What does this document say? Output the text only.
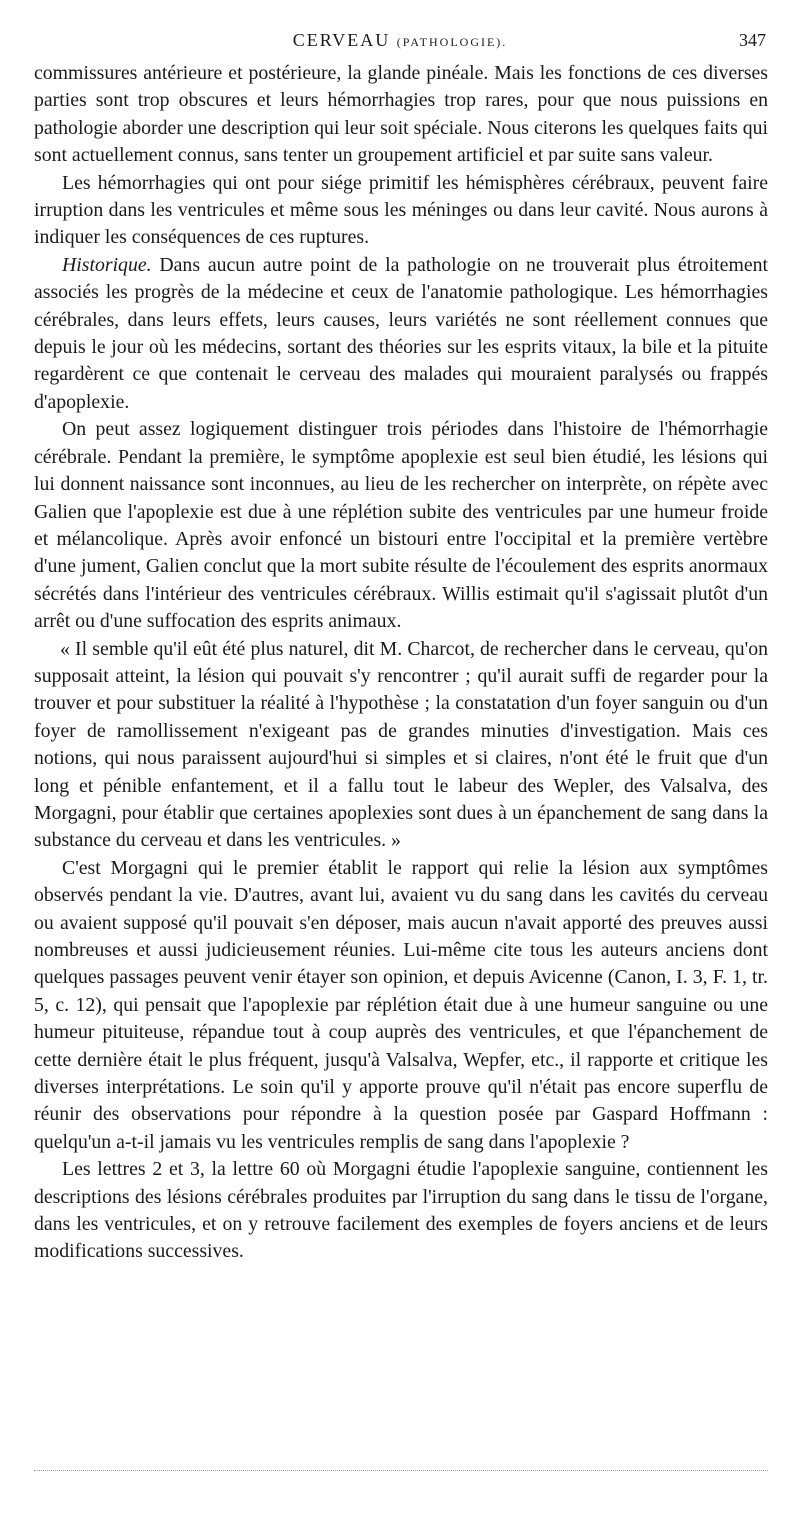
CERVEAU (PATHOLOGIE).	347

commissures antérieure et postérieure, la glande pinéale. Mais les fonctions de ces diverses parties sont trop obscures et leurs hémorrhagies trop rares, pour que nous puissions en pathologie aborder une description qui leur soit spéciale. Nous citerons les quelques faits qui sont actuellement connus, sans tenter un groupement artificiel et par suite sans valeur.

Les hémorrhagies qui ont pour siége primitif les hémisphères cérébraux, peuvent faire irruption dans les ventricules et même sous les méninges ou dans leur cavité. Nous aurons à indiquer les conséquences de ces ruptures.

Historique. Dans aucun autre point de la pathologie on ne trouverait plus étroitement associés les progrès de la médecine et ceux de l'anatomie pathologique. Les hémorrhagies cérébrales, dans leurs effets, leurs causes, leurs variétés ne sont réellement connues que depuis le jour où les médecins, sortant des théories sur les esprits vitaux, la bile et la pituite regardèrent ce que contenait le cerveau des malades qui mouraient paralysés ou frappés d'apoplexie.

On peut assez logiquement distinguer trois périodes dans l'histoire de l'hémorrhagie cérébrale. Pendant la première, le symptôme apoplexie est seul bien étudié, les lésions qui lui donnent naissance sont inconnues, au lieu de les rechercher on interprète, on répète avec Galien que l'apoplexie est due à une réplétion subite des ventricules par une humeur froide et mélancolique. Après avoir enfoncé un bistouri entre l'occipital et la première vertèbre d'une jument, Galien conclut que la mort subite résulte de l'écoulement des esprits anormaux sécrétés dans l'intérieur des ventricules cérébraux. Willis estimait qu'il s'agissait plutôt d'un arrêt ou d'une suffocation des esprits animaux.

« Il semble qu'il eût été plus naturel, dit M. Charcot, de rechercher dans le cerveau, qu'on supposait atteint, la lésion qui pouvait s'y rencontrer ; qu'il aurait suffi de regarder pour la trouver et pour substituer la réalité à l'hypothèse ; la constatation d'un foyer sanguin ou d'un foyer de ramollissement n'exigeant pas de grandes minuties d'investigation. Mais ces notions, qui nous paraissent aujourd'hui si simples et si claires, n'ont été le fruit que d'un long et pénible enfantement, et il a fallu tout le labeur des Wepler, des Valsalva, des Morgagni, pour établir que certaines apoplexies sont dues à un épanchement de sang dans la substance du cerveau et dans les ventricules. »

C'est Morgagni qui le premier établit le rapport qui relie la lésion aux symptômes observés pendant la vie. D'autres, avant lui, avaient vu du sang dans les cavités du cerveau ou avaient supposé qu'il pouvait s'en déposer, mais aucun n'avait apporté des preuves aussi nombreuses et aussi judicieusement réunies. Lui-même cite tous les auteurs anciens dont quelques passages peuvent venir étayer son opinion, et depuis Avicenne (Canon, I. 3, F. 1, tr. 5, c. 12), qui pensait que l'apoplexie par réplétion était due à une humeur sanguine ou une humeur pituiteuse, répandue tout à coup auprès des ventricules, et que l'épanchement de cette dernière était le plus fréquent, jusqu'à Valsalva, Wepfer, etc., il rapporte et critique les diverses interprétations. Le soin qu'il y apporte prouve qu'il n'était pas encore superflu de réunir des observations pour répondre à la question posée par Gaspard Hoffmann : quelqu'un a-t-il jamais vu les ventricules remplis de sang dans l'apoplexie ?

Les lettres 2 et 3, la lettre 60 où Morgagni étudie l'apoplexie sanguine, contiennent les descriptions des lésions cérébrales produites par l'irruption du sang dans le tissu de l'organe, dans les ventricules, et on y retrouve facilement des exemples de foyers anciens et de leurs modifications successives.
